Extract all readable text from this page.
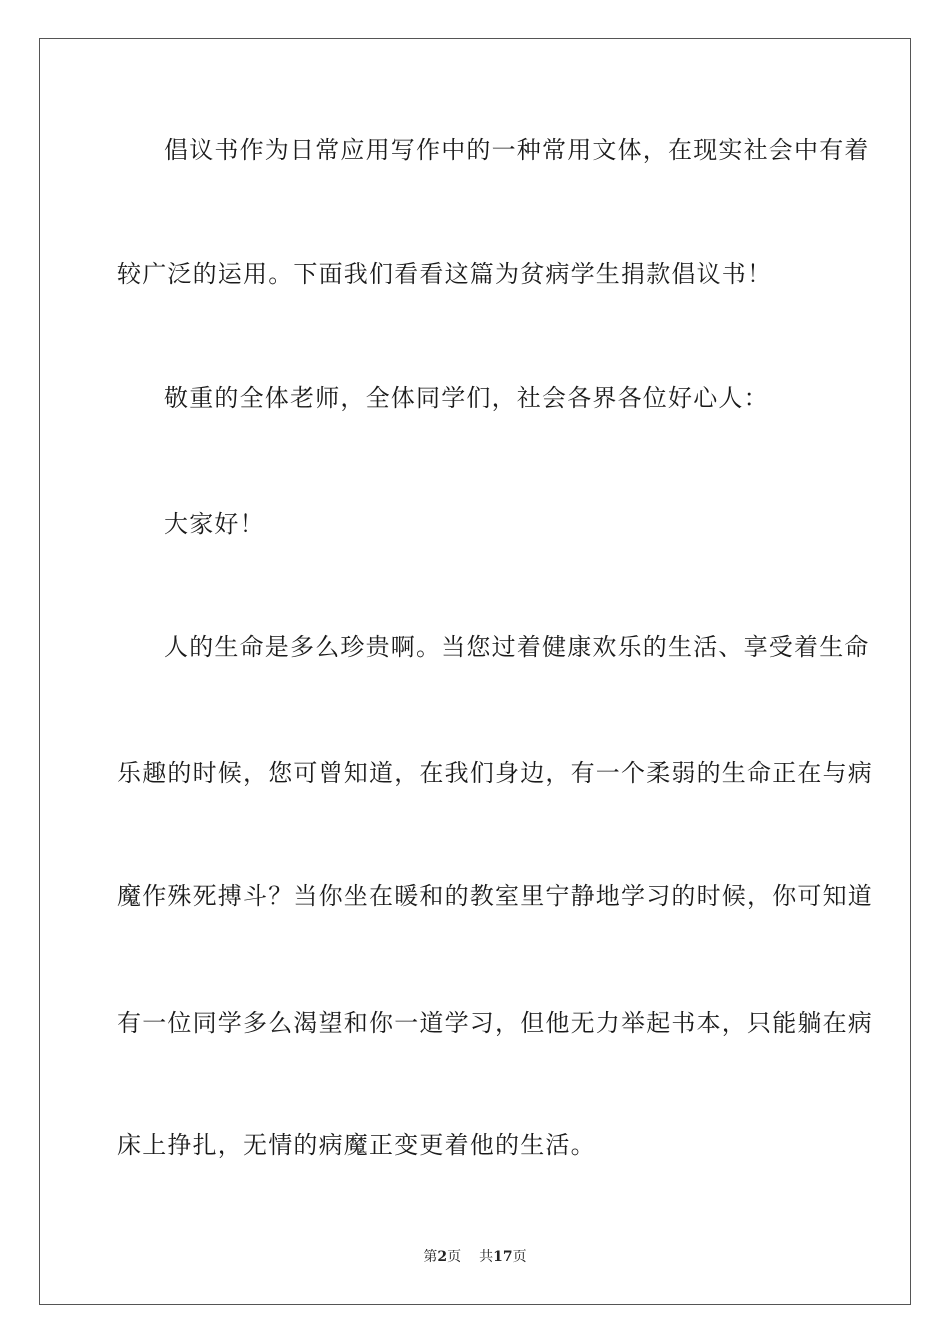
倡议书作为日常应用写作中的一种常用文体，在现实社会中有着
较广泛的运用。下面我们看看这篇为贫病学生捐款倡议书！
敬重的全体老师，全体同学们，社会各界各位好心人：
大家好！
人的生命是多么珍贵啊。当您过着健康欢乐的生活、享受着生命
乐趣的时候，您可曾知道，在我们身边，有一个柔弱的生命正在与病
魔作殊死搏斗？当你坐在暖和的教室里宁静地学习的时候，你可知道
有一位同学多么渴望和你一道学习，但他无力举起书本，只能躺在病
床上挣扎，无情的病魔正变更着他的生活。
第2页 共17页
